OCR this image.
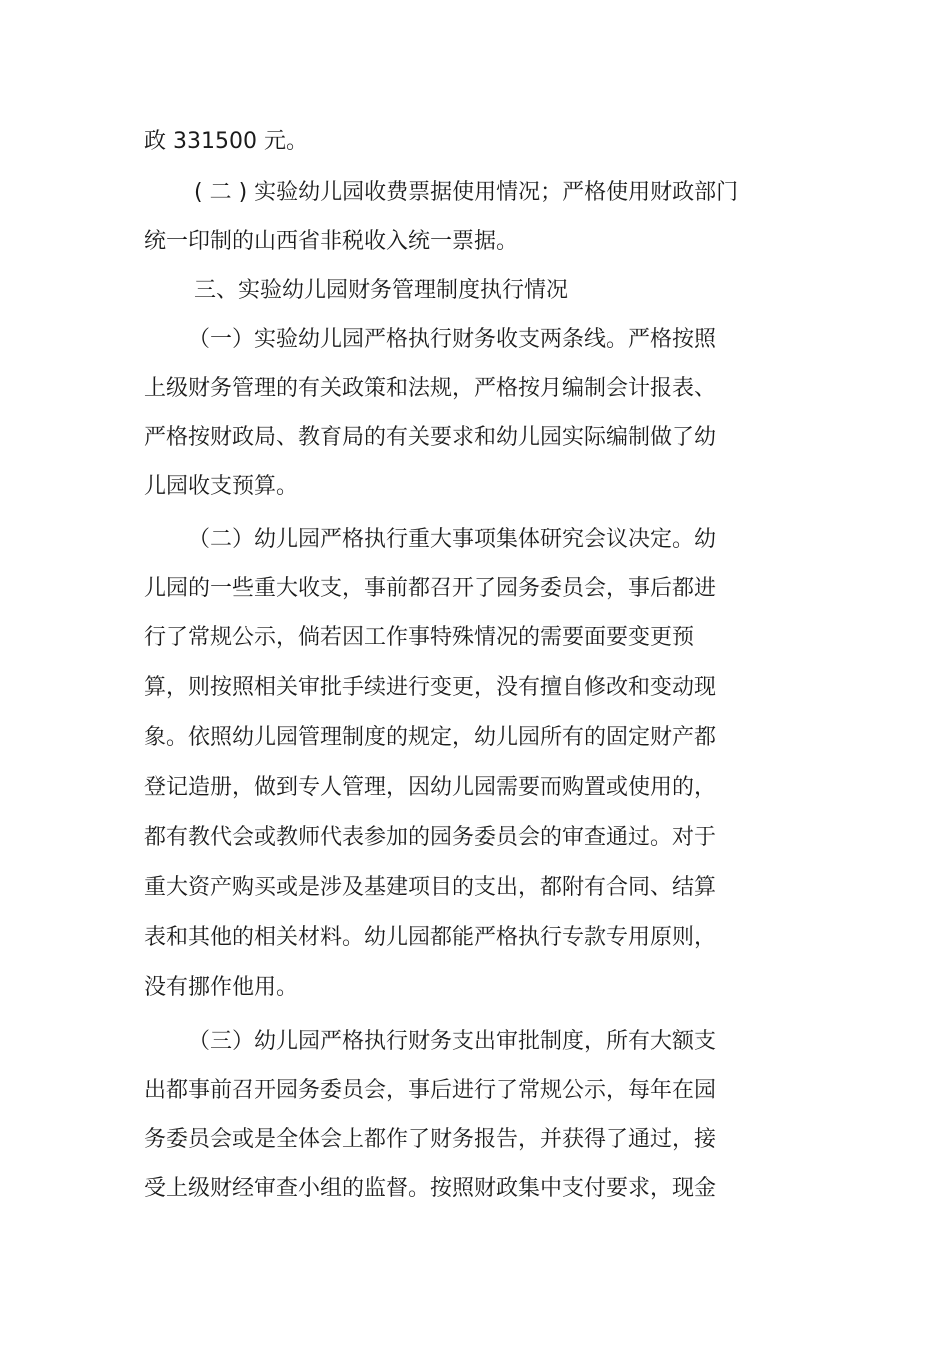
政 331500 元。

( 二 ) 实验幼儿园收费票据使用情况；严格使用财政部门

统一印制的山西省非税收入统一票据。

三、实验幼儿园财务管理制度执行情况

（一）实验幼儿园严格执行财务收支两条线。严格按照

上级财务管理的有关政策和法规，严格按月编制会计报表、

严格按财政局、教育局的有关要求和幼儿园实际编制做了幼

儿园收支预算。

（二）幼儿园严格执行重大事项集体研究会议决定。幼

儿园的一些重大收支，事前都召开了园务委员会，事后都进

行了常规公示，倘若因工作事特殊情况的需要面要变更预

算，则按照相关审批手续进行变更，没有擅自修改和变动现

象。依照幼儿园管理制度的规定，幼儿园所有的固定财产都

登记造册，做到专人管理，因幼儿园需要而购置或使用的，

都有教代会或教师代表参加的园务委员会的审查通过。对于

重大资产购买或是涉及基建项目的支出，都附有合同、结算

表和其他的相关材料。幼儿园都能严格执行专款专用原则，

没有挪作他用。

（三）幼儿园严格执行财务支出审批制度，所有大额支

出都事前召开园务委员会，事后进行了常规公示，每年在园

务委员会或是全体会上都作了财务报告，并获得了通过，接

受上级财经审查小组的监督。按照财政集中支付要求，现金
